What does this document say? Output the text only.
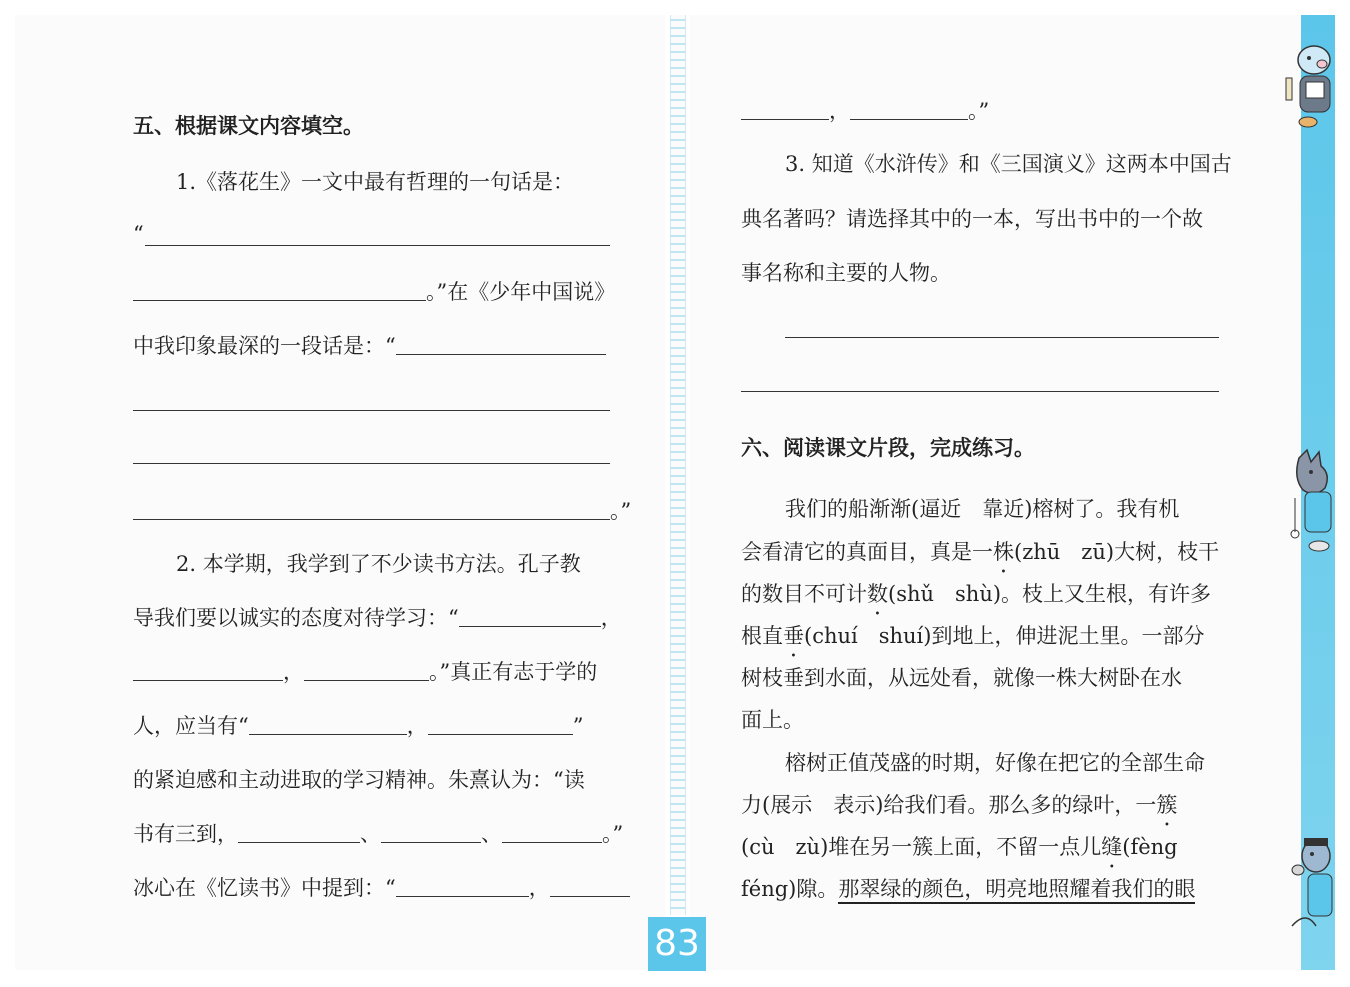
五、根据课文内容填空。
1.《落花生》一文中最有哲理的一句话是：
“
。”在《少年中国说》
中我印象最深的一段话是：“
。”
2. 本学期，我学到了不少读书方法。孔子教
导我们要以诚实的态度对待学习：“	，
，	。”真正有志于学的
人，应当有“	，	”
的紧迫感和主动进取的学习精神。朱熹认为：“读
书有三到，	、	、	。”
冰心在《忆读书》中提到：“	，
，	。”
3. 知道《水浒传》和《三国演义》这两本中国古
典名著吗？请选择其中的一本，写出书中的一个故
事名称和主要的人物。
六、阅读课文片段，完成练习。
我们的船渐渐(逼近　靠近)榕树了。我有机
会看清它的真面目，真是一株(zhū　zū)大树，枝干
的数目不可计数(shǔ　shù)。枝上又生根，有许多
根直垂(chuí　shuí)到地上，伸进泥土里。一部分
树枝垂到水面，从远处看，就像一株大树卧在水
面上。
榕树正值茂盛的时期，好像在把它的全部生命
力(展示　表示)给我们看。那么多的绿叶，一簇
(cù　zù)堆在另一簇上面，不留一点儿缝(fèng
féng)隙。那翠绿的颜色，明亮地照耀着我们的眼
83
